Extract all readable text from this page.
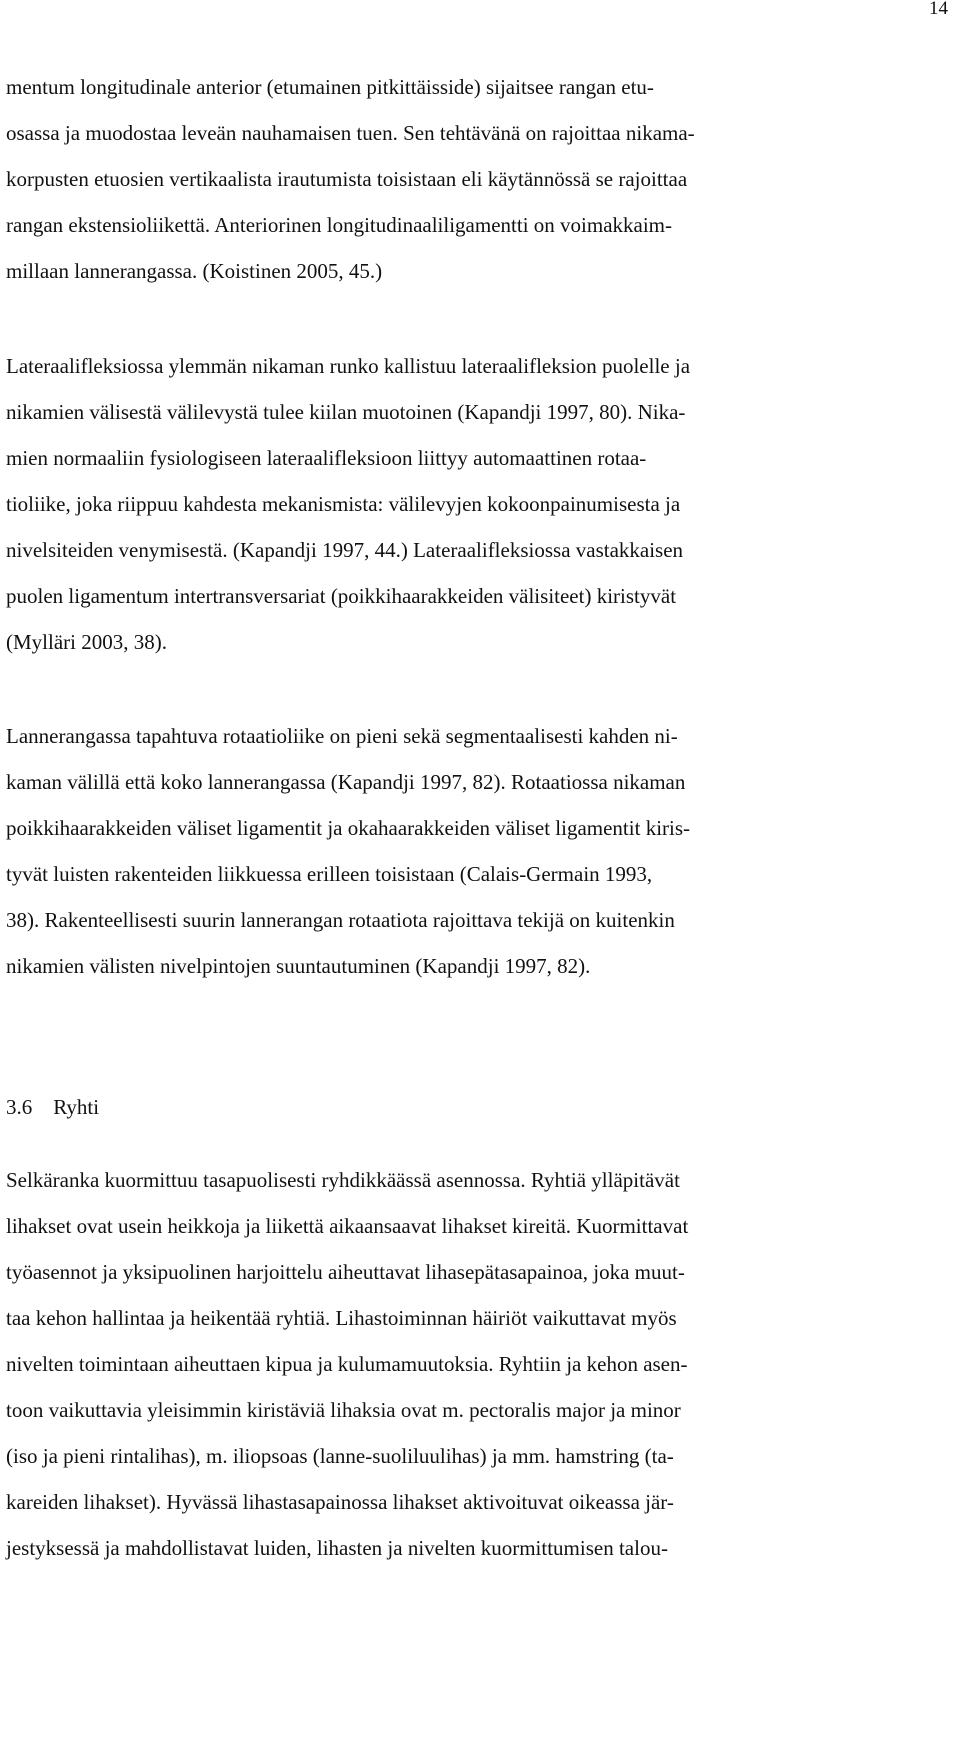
14
mentum longitudinale anterior (etumainen pitkittäisside) sijaitsee rangan etu-
osassa ja muodostaa leveän nauhamaisen tuen. Sen tehtävänä on rajoittaa nikama-
korpusten etuosien vertikaalista irautumista toisistaan eli käytännössä se rajoittaa
rangan ekstensioliikettä. Anteriorinen longitudinaaliligamentti on voimakkaim-
millaan lannerangassa. (Koistinen 2005, 45.)
Lateraalifleksiossa ylemmän nikaman runko kallistuu lateraalifleksion puolelle ja
nikamien välisestä välilevystä tulee kiilan muotoinen (Kapandji 1997, 80). Nika-
mien normaaliin fysiologiseen lateraalifleksioon liittyy automaattinen rotaa-
tioliike, joka riippuu kahdesta mekanismista: välilevyjen kokoonpainumisesta ja
nivelsiteiden venymisestä. (Kapandji 1997, 44.) Lateraalifleksiossa vastakkaisen
puolen ligamentum intertransversariat (poikkihaarakkeiden välisiteet) kiristyvät
(Mylläri 2003, 38).
Lannerangassa tapahtuva rotaatioliike on pieni sekä segmentaalisesti kahden ni-
kaman välillä että koko lannerangassa (Kapandji 1997, 82). Rotaatiossa nikaman
poikkihaarakkeiden väliset ligamentit ja okahaarakkeiden väliset ligamentit kiris-
tyvät luisten rakenteiden liikkuessa erilleen toisistaan (Calais-Germain 1993,
38). Rakenteellisesti suurin lannerangan rotaatiota rajoittava tekijä on kuitenkin
nikamien välisten nivelpintojen suuntautuminen (Kapandji 1997, 82).
3.6    Ryhti
Selkäranka kuormittuu tasapuolisesti ryhdikkäässä asennossa. Ryhtiä ylläpitävät
lihakset ovat usein heikkoja ja liikettä aikaansaavat lihakset kireitä. Kuormittavat
työasennot ja yksipuolinen harjoittelu aiheuttavat lihasepätasapainoa, joka muut-
taa kehon hallintaa ja heikentää ryhtiä. Lihastoiminnan häiriöt vaikuttavat myös
nivelten toimintaan aiheuttaen kipua ja kulumamuutoksia. Ryhtiin ja kehon asen-
toon vaikuttavia yleisimmin kiristäviä lihaksia ovat m. pectoralis major ja minor
(iso ja pieni rintalihas), m. iliopsoas (lanne-suoliluulihas) ja mm. hamstring (ta-
kareiden lihakset). Hyvässä lihastasapainossa lihakset aktivoituvat oikeassa jär-
jestyksessä ja mahdollistavat luiden, lihasten ja nivelten kuormittumisen talou-
